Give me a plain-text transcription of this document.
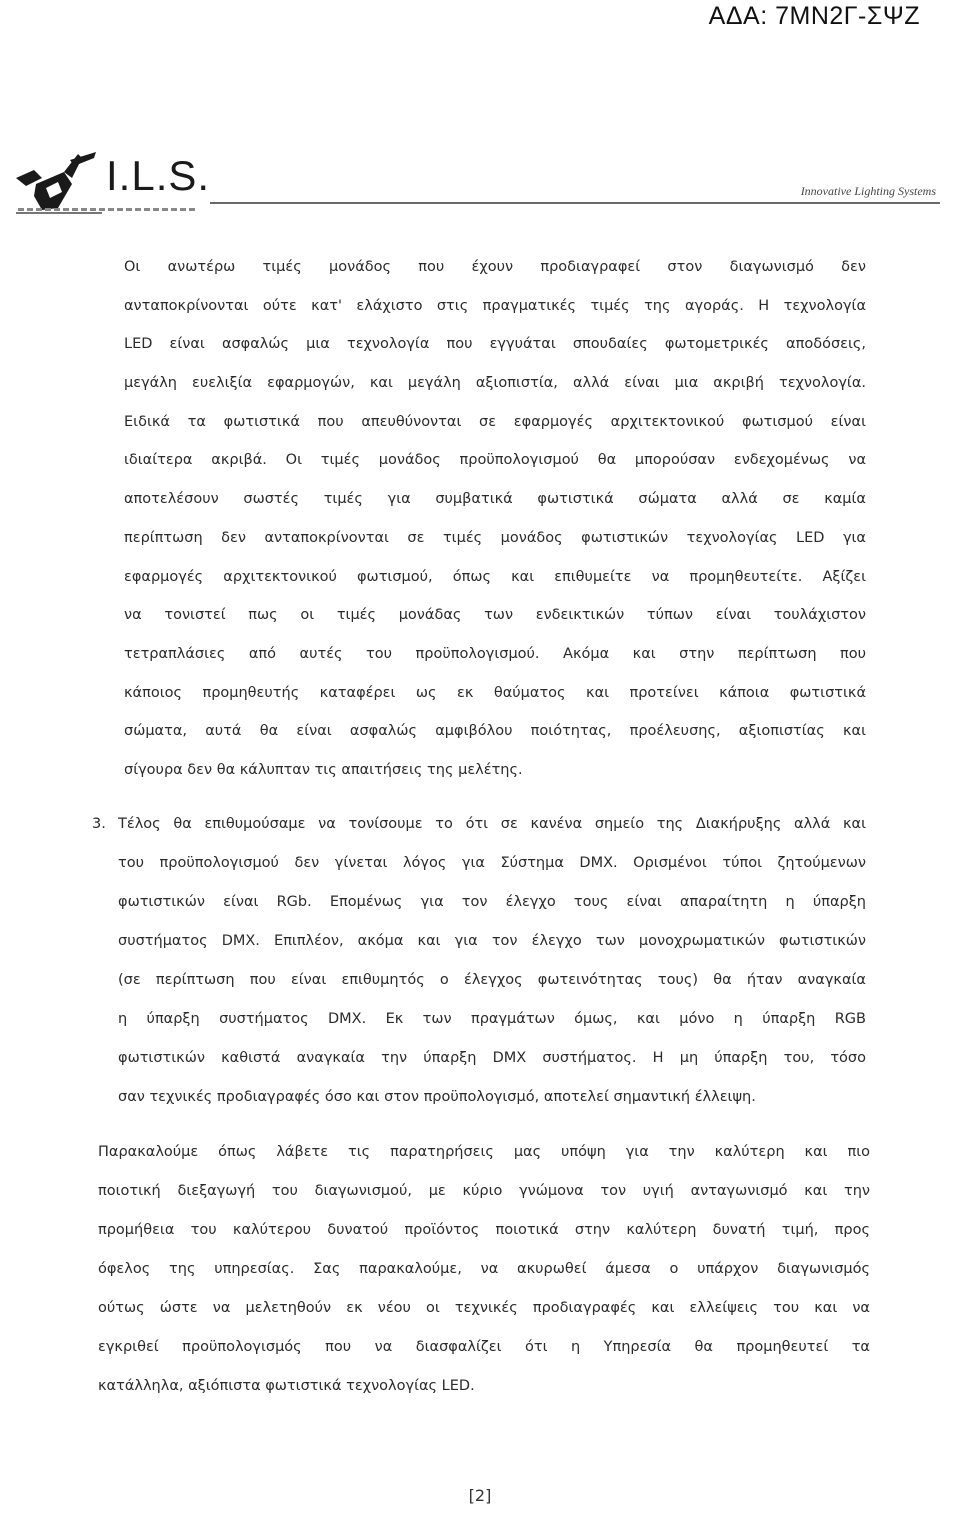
ΑΔΑ: 7ΜΝ2Γ-ΣΨΖ
I.L.S.	Innovative Lighting Systems
Οι ανωτέρω τιμές μονάδος που έχουν προδιαγραφεί στον διαγωνισμό δεν
ανταποκρίνονται ούτε κατ' ελάχιστο στις πραγματικές τιμές της αγοράς. Η τεχνολογία
LED είναι ασφαλώς μια τεχνολογία που εγγυάται σπουδαίες φωτομετρικές αποδόσεις,
μεγάλη ευελιξία εφαρμογών, και μεγάλη αξιοπιστία, αλλά είναι μια ακριβή τεχνολογία.
Ειδικά τα φωτιστικά που απευθύνονται σε εφαρμογές αρχιτεκτονικού φωτισμού είναι
ιδιαίτερα ακριβά. Οι τιμές μονάδος προϋπολογισμού θα μπορούσαν ενδεχομένως να
αποτελέσουν σωστές τιμές για συμβατικά φωτιστικά σώματα αλλά σε καμία
περίπτωση δεν ανταποκρίνονται σε τιμές μονάδος φωτιστικών τεχνολογίας LED για
εφαρμογές αρχιτεκτονικού φωτισμού, όπως και επιθυμείτε να προμηθευτείτε. Αξίζει
να τονιστεί πως οι τιμές μονάδας των ενδεικτικών τύπων είναι τουλάχιστον
τετραπλάσιες από αυτές του προϋπολογισμού. Ακόμα και στην περίπτωση που
κάποιος προμηθευτής καταφέρει ως εκ θαύματος και προτείνει κάποια φωτιστικά
σώματα, αυτά θα είναι ασφαλώς αμφιβόλου ποιότητας, προέλευσης, αξιοπιστίας και
σίγουρα δεν θα κάλυπταν τις απαιτήσεις της μελέτης.
3. Τέλος θα επιθυμούσαμε να τονίσουμε το ότι σε κανένα σημείο της Διακήρυξης αλλά και
του προϋπολογισμού δεν γίνεται λόγος για Σύστημα DMX. Ορισμένοι τύποι ζητούμενων
φωτιστικών είναι RGb. Επομένως για τον έλεγχο τους είναι απαραίτητη η ύπαρξη
συστήματος DMX. Επιπλέον, ακόμα και για τον έλεγχο των μονοχρωματικών φωτιστικών
(σε περίπτωση που είναι επιθυμητός ο έλεγχος φωτεινότητας τους) θα ήταν αναγκαία
η ύπαρξη συστήματος DMX. Εκ των πραγμάτων όμως, και μόνο η ύπαρξη RGB
φωτιστικών καθιστά αναγκαία την ύπαρξη DMX συστήματος. Η μη ύπαρξη του, τόσο
σαν τεχνικές προδιαγραφές όσο και στον προϋπολογισμό, αποτελεί σημαντική έλλειψη.
Παρακαλούμε όπως λάβετε τις παρατηρήσεις μας υπόψη για την καλύτερη και πιο
ποιοτική διεξαγωγή του διαγωνισμού, με κύριο γνώμονα τον υγιή ανταγωνισμό και την
προμήθεια του καλύτερου δυνατού προϊόντος ποιοτικά στην καλύτερη δυνατή τιμή, προς
όφελος της υπηρεσίας. Σας παρακαλούμε, να ακυρωθεί άμεσα ο υπάρχον διαγωνισμός
ούτως ώστε να μελετηθούν εκ νέου οι τεχνικές προδιαγραφές και ελλείψεις του και να
εγκριθεί προϋπολογισμός που να διασφαλίζει ότι η Υπηρεσία θα προμηθευτεί τα
κατάλληλα, αξιόπιστα φωτιστικά τεχνολογίας LED.
[2]
